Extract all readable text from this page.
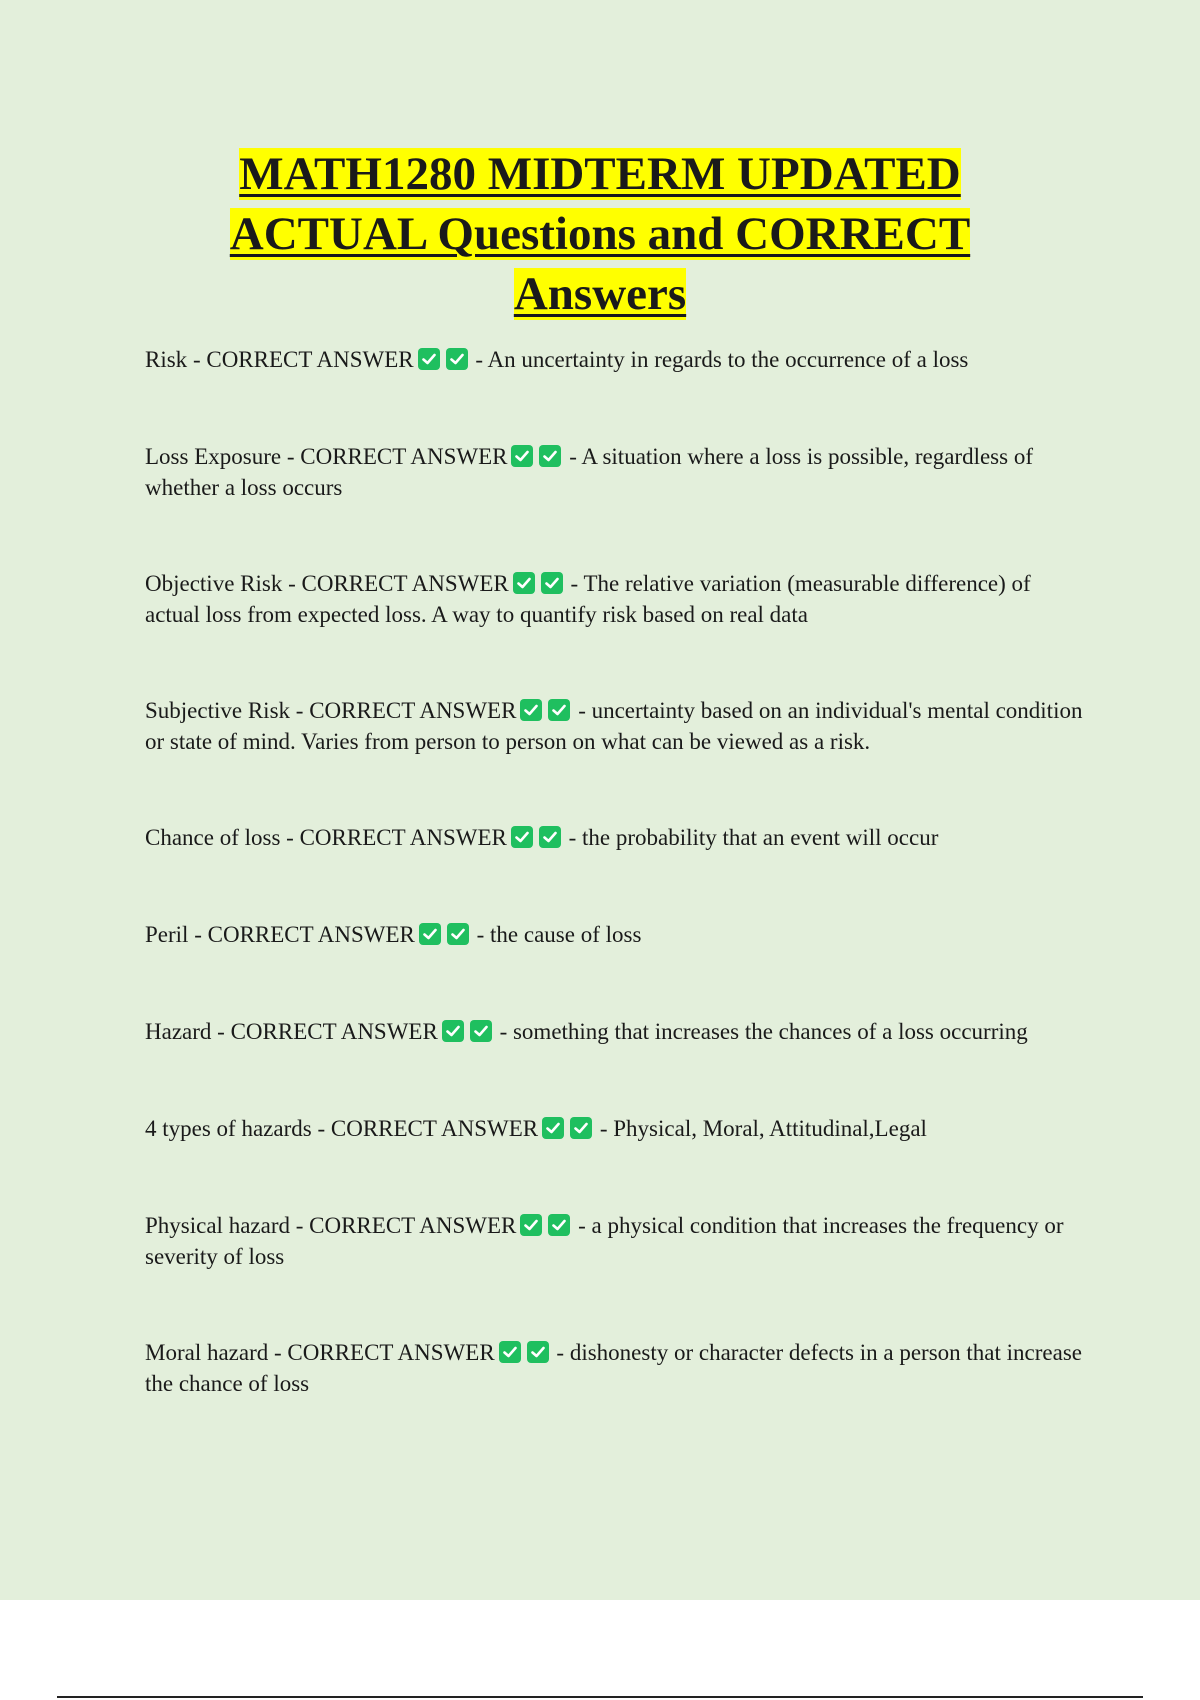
MATH1280 MIDTERM UPDATED
ACTUAL Questions and CORRECT
Answers

Risk - CORRECT ANSWER	- An uncertainty in regards to the occurrence of a loss

Loss Exposure - CORRECT ANSWER	- A situation where a loss is possible, regardless of whether a loss occurs

Objective Risk - CORRECT ANSWER	- The relative variation (measurable difference) of actual loss from expected loss. A way to quantify risk based on real data

Subjective Risk - CORRECT ANSWER	- uncertainty based on an individual's mental condition or state of mind. Varies from person to person on what can be viewed as a risk.

Chance of loss - CORRECT ANSWER	- the probability that an event will occur

Peril - CORRECT ANSWER	- the cause of loss

Hazard - CORRECT ANSWER	- something that increases the chances of a loss occurring

4 types of hazards - CORRECT ANSWER	- Physical, Moral, Attitudinal,Legal

Physical hazard - CORRECT ANSWER	- a physical condition that increases the frequency or severity of loss

Moral hazard - CORRECT ANSWER	- dishonesty or character defects in a person that increase the chance of loss
